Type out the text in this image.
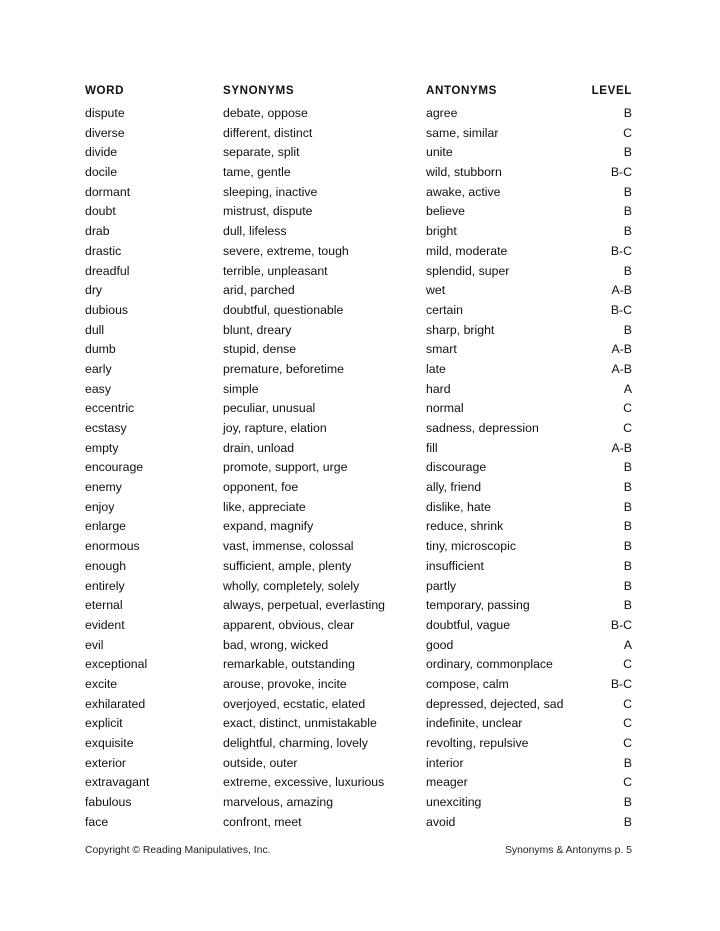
WORD	SYNONYMS	ANTONYMS	LEVEL
dispute	debate, oppose	agree	B
diverse	different, distinct	same, similar	C
divide	separate, split	unite	B
docile	tame, gentle	wild, stubborn	B-C
dormant	sleeping, inactive	awake, active	B
doubt	mistrust, dispute	believe	B
drab	dull, lifeless	bright	B
drastic	severe, extreme, tough	mild, moderate	B-C
dreadful	terrible, unpleasant	splendid, super	B
dry	arid, parched	wet	A-B
dubious	doubtful, questionable	certain	B-C
dull	blunt, dreary	sharp, bright	B
dumb	stupid, dense	smart	A-B
early	premature, beforetime	late	A-B
easy	simple	hard	A
eccentric	peculiar, unusual	normal	C
ecstasy	joy, rapture, elation	sadness, depression	C
empty	drain, unload	fill	A-B
encourage	promote, support, urge	discourage	B
enemy	opponent, foe	ally, friend	B
enjoy	like, appreciate	dislike, hate	B
enlarge	expand, magnify	reduce, shrink	B
enormous	vast, immense, colossal	tiny, microscopic	B
enough	sufficient, ample, plenty	insufficient	B
entirely	wholly, completely, solely	partly	B
eternal	always, perpetual, everlasting	temporary, passing	B
evident	apparent, obvious, clear	doubtful, vague	B-C
evil	bad, wrong, wicked	good	A
exceptional	remarkable, outstanding	ordinary, commonplace	C
excite	arouse, provoke, incite	compose, calm	B-C
exhilarated	overjoyed, ecstatic, elated	depressed, dejected, sad	C
explicit	exact, distinct, unmistakable	indefinite, unclear	C
exquisite	delightful, charming, lovely	revolting, repulsive	C
exterior	outside, outer	interior	B
extravagant	extreme, excessive, luxurious	meager	C
fabulous	marvelous, amazing	unexciting	B
face	confront, meet	avoid	B
Copyright © Reading Manipulatives, Inc.	Synonyms & Antonyms p. 5
